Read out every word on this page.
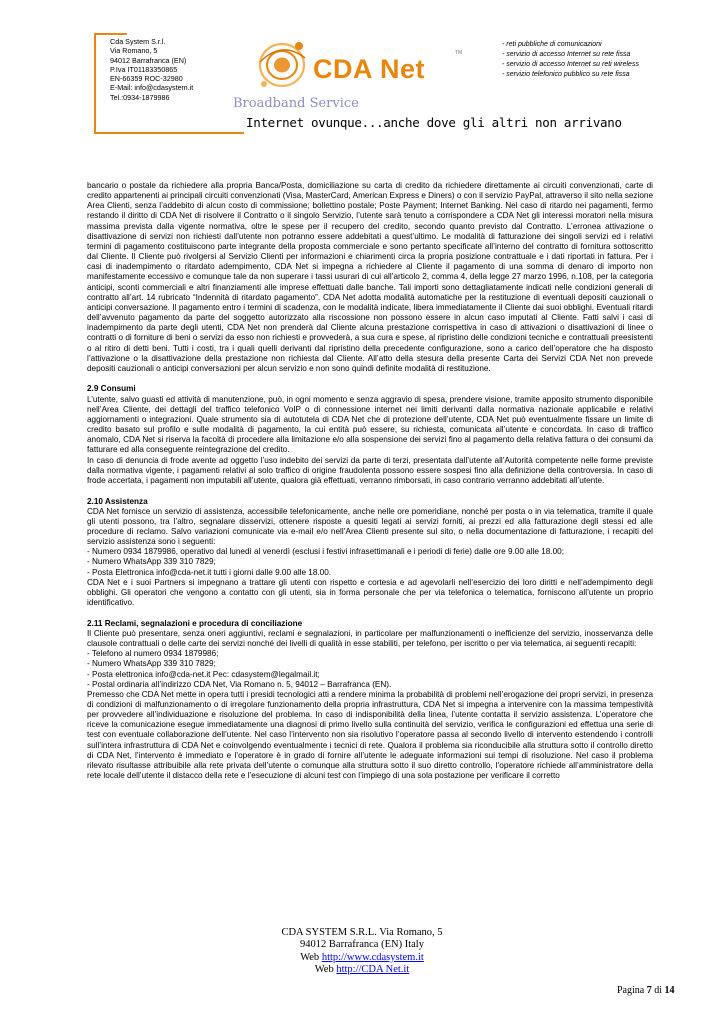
Cda System S.r.l.
Via Romano, 5
94012 Barrafranca (EN)
P.Iva IT01183350865
EN-66359 ROC-32980
E-Mail: info@cdasystem.it
Tel.:0934-1879986
CDA Net
TM
Broadband Service
Internet ovunque...anche dove gli altri non arrivano
- reti pubbliche di comunicazioni
- servizio di accesso Internet su rete fissa
- servizio di accesso Internet su reti wireless
- servizio telefonico pubblico su rete fissa

bancario o postale da richiedere alla propria Banca/Posta, domiciliazione su carta di credito da richiedere direttamente ai circuiti convenzionati, carte di credito appartenenti ai principali circuiti convenzionati (Visa, MasterCard, American Express e Diners) o con il servizio PayPal, attraverso il sito nella sezione Area Clienti, senza l’addebito di alcun costo di commissione; bollettino postale; Poste Payment; Internet Banking. Nel caso di ritardo nei pagamenti, fermo restando il diritto di CDA Net di risolvere il Contratto o il singolo Servizio, l’utente sarà tenuto a corrispondere a CDA Net gli interessi moratori nella misura massima prevista dalla vigente normativa, oltre le spese per il recupero del credito, secondo quanto previsto dal Contratto. L’erronea attivazione o disattivazione di servizi non richiesti dall’utente non potranno essere addebitati a quest’ultimo. Le modalità di fatturazione dei singoli servizi ed i relativi termini di pagamento costituiscono parte integrante della proposta commerciale e sono pertanto specificate all’interno del contratto di fornitura sottoscritto dal Cliente. Il Cliente può rivolgersi al Servizio Clienti per informazioni e chiarimenti circa la propria posizione contrattuale e i dati riportati in fattura. Per i casi di inadempimento o ritardato adempimento, CDA Net si impegna a richiedere al Cliente il pagamento di una somma di denaro di importo non manifestamente eccessivo e comunque tale da non superare i tassi usurari di cui all’articolo 2, comma 4, della legge 27 marzo 1996, n.108, per la categoria anticipi, sconti commerciali e altri finanziamenti alle imprese effettuati dalle banche. Tali importi sono dettagliatamente indicati nelle condizioni generali di contratto all’art. 14 rubricato “Indennità di ritardato pagamento”. CDA Net adotta modalità automatiche per la restituzione di eventuali depositi cauzionali o anticipi conversazione. Il pagamento entro i termini di scadenza, con le modalità indicate, libera immediatamente il Cliente dai suoi obblighi. Eventuali ritardi dell’avvenuto pagamento da parte del soggetto autorizzato alla riscossione non possono essere in alcun caso imputati al Cliente. Fatti salvi i casi di inadempimento da parte degli utenti, CDA Net non prenderà dal Cliente alcuna prestazione corrispettiva in caso di attivazioni o disattivazioni di linee o contratti o di forniture di beni o servizi da esso non richiesti e provvederà, a sua cura e spese, al ripristino delle condizioni tecniche e contrattuali preesistenti o al ritiro di detti beni. Tutti i costi, tra i quali quelli derivanti dal ripristino della precedente configurazione, sono a carico dell’operatore che ha disposto l’attivazione o la disattivazione della prestazione non richiesta dal Cliente. All’atto della stesura della presente Carta dei Servizi CDA Net non prevede depositi cauzionali o anticipi conversazioni per alcun servizio e non sono quindi definite modalità di restituzione.

2.9 Consumi

L’utente, salvo guasti ed attività di manutenzione, può, in ogni momento e senza aggravio di spesa, prendere visione, tramite apposito strumento disponibile nell’Area Cliente, dei dettagli del traffico telefonico VoIP o di connessione internet nei limiti derivanti dalla normativa nazionale applicabile e relativi aggiornamenti o integrazioni. Quale strumento sia di autotutela di CDA Net che di protezione dell’utente, CDA Net può eventualmente fissare un limite di credito basato sul profilo e sulle modalità di pagamento, la cui entità può essere, su richiesta, comunicata all’utente e concordata. In caso di traffico anomalo, CDA Net si riserva la facoltà di procedere alla limitazione e/o alla sospensione dei servizi fino al pagamento della relativa fattura o dei consumi da fatturare ed alla conseguente reintegrazione del credito.

In caso di denuncia di frode avente ad oggetto l’uso indebito dei servizi da parte di terzi, presentata dall’utente all’Autorità competente nelle forme previste dalla normativa vigente, i pagamenti relativi al solo traffico di origine fraudolenta possono essere sospesi fino alla definizione della controversia. In caso di frode accertata, i pagamenti non imputabili all’utente, qualora già effettuati, verranno rimborsati, in caso contrario verranno addebitati all’utente.

2.10 Assistenza

CDA Net fornisce un servizio di assistenza, accessibile telefonicamente, anche nelle ore pomeridiane, nonché per posta o in via telematica, tramite il quale gli utenti possono, tra l’altro, segnalare disservizi, ottenere risposte a quesiti legati ai servizi forniti, ai prezzi ed alla fatturazione degli stessi ed alle procedure di reclamo. Salvo variazioni comunicate via e-mail e/o nell’Area Clienti presente sul sito, o nella documentazione di fatturazione, i recapiti del servizio assistenza sono i seguenti:

- Numero 0934 1879986, operativo dal lunedì al venerdì (esclusi i festivi infrasettimanali e i periodi di ferie) dalle ore 9.00 alle 18.00;

- Numero WhatsApp 339 310 7829;

- Posta Elettronica info@cda-net.it tutti i giorni dalle 9.00 alle 18.00.

CDA Net e i suoi Partners si impegnano a trattare gli utenti con rispetto e cortesia e ad agevolarli nell’esercizio dei loro diritti e nell’adempimento degli obblighi. Gli operatori che vengono a contatto con gli utenti, sia in forma personale che per via telefonica o telematica, forniscono all’utente un proprio identificativo.

2.11 Reclami, segnalazioni e procedura di conciliazione

Il Cliente può presentare, senza oneri aggiuntivi, reclami e segnalazioni, in particolare per malfunzionamenti o inefficienze del servizio, inosservanza delle clausole contrattuali o delle carte dei servizi nonché dei livelli di qualità in esse stabiliti, per telefono, per iscritto o per via telematica, ai seguenti recapiti:

- Telefono al numero 0934 1879986;

- Numero WhatsApp 339 310 7829;

- Posta elettronica info@cda-net.it Pec: cdasystem@legalmail.it;

- Postal ordinaria all’indirizzo CDA Net, Via Romano n. 5, 94012 – Barrafranca (EN).

Premesso che CDA Net mette in opera tutti i presidi tecnologici atti a rendere minima la probabilità di problemi nell’erogazione dei propri servizi, in presenza di condizioni di malfunzionamento o di irregolare funzionamento della propria infrastruttura, CDA Net si impegna a intervenire con la massima tempestività per provvedere all’individuazione e risoluzione del problema. In caso di indisponibilità della linea, l’utente contatta il servizio assistenza. L’operatore che riceve la comunicazione esegue immediatamente una diagnosi di primo livello sulla continuità del servizio, verifica le configurazioni ed effettua una serie di test con eventuale collaborazione dell’utente. Nel caso l’intervento non sia risolutivo l’operatore passa al secondo livello di intervento estendendo i controlli sull’intera infrastruttura di CDA Net e coinvolgendo eventualmente i tecnici di rete. Qualora il problema sia riconducibile alla struttura sotto il controllo diretto di CDA Net, l’intervento è immediato e l’operatore è in grado di fornire all’utente le adeguate informazioni sui tempi di risoluzione. Nel caso il problema rilevato risultasse attribuibile alla rete privata dell’utente o comunque alla struttura sotto il suo diretto controllo, l’operatore richiede all’amministratore della rete locale dell’utente il distacco della rete e l’esecuzione di alcuni test con l’impiego di una sola postazione per verificare il corretto

CDA SYSTEM S.R.L. Via Romano, 5
94012 Barrafranca (EN) Italy
Web http://www.cdasystem.it
Web http://CDA Net.it
Pagina 7 di 14
